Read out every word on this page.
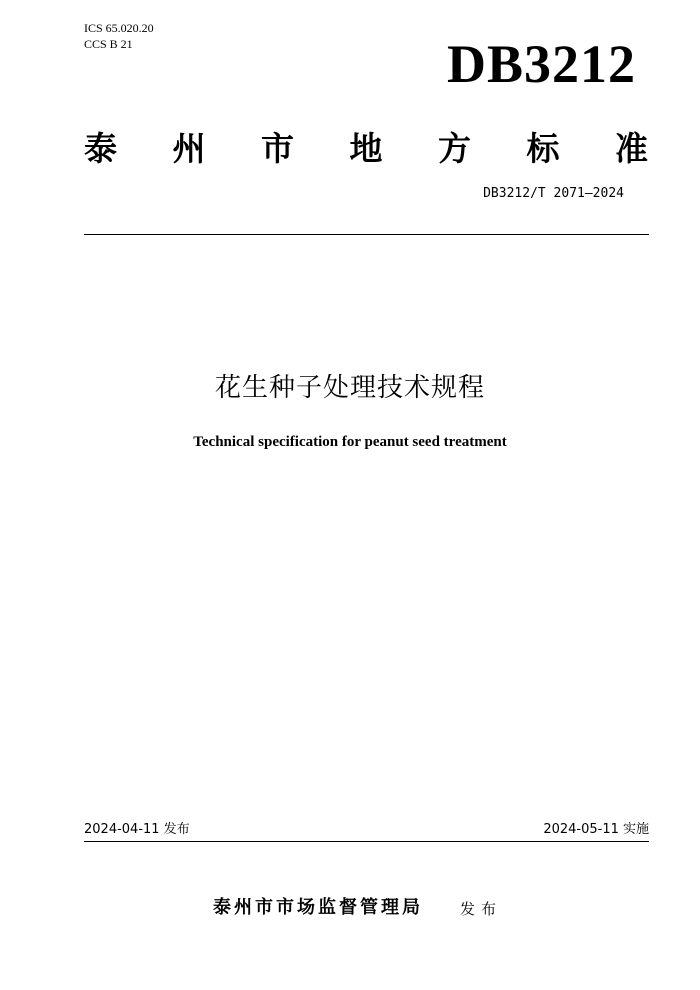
ICS 65.020.20
CCS B 21	DB3212
泰 州 市 地 方 标 准
DB3212/T 2071—2024
花生种子处理技术规程
Technical specification for peanut seed treatment
2024-04-11 发布	2024-05-11 实施
泰州市市场监督管理局 发布
